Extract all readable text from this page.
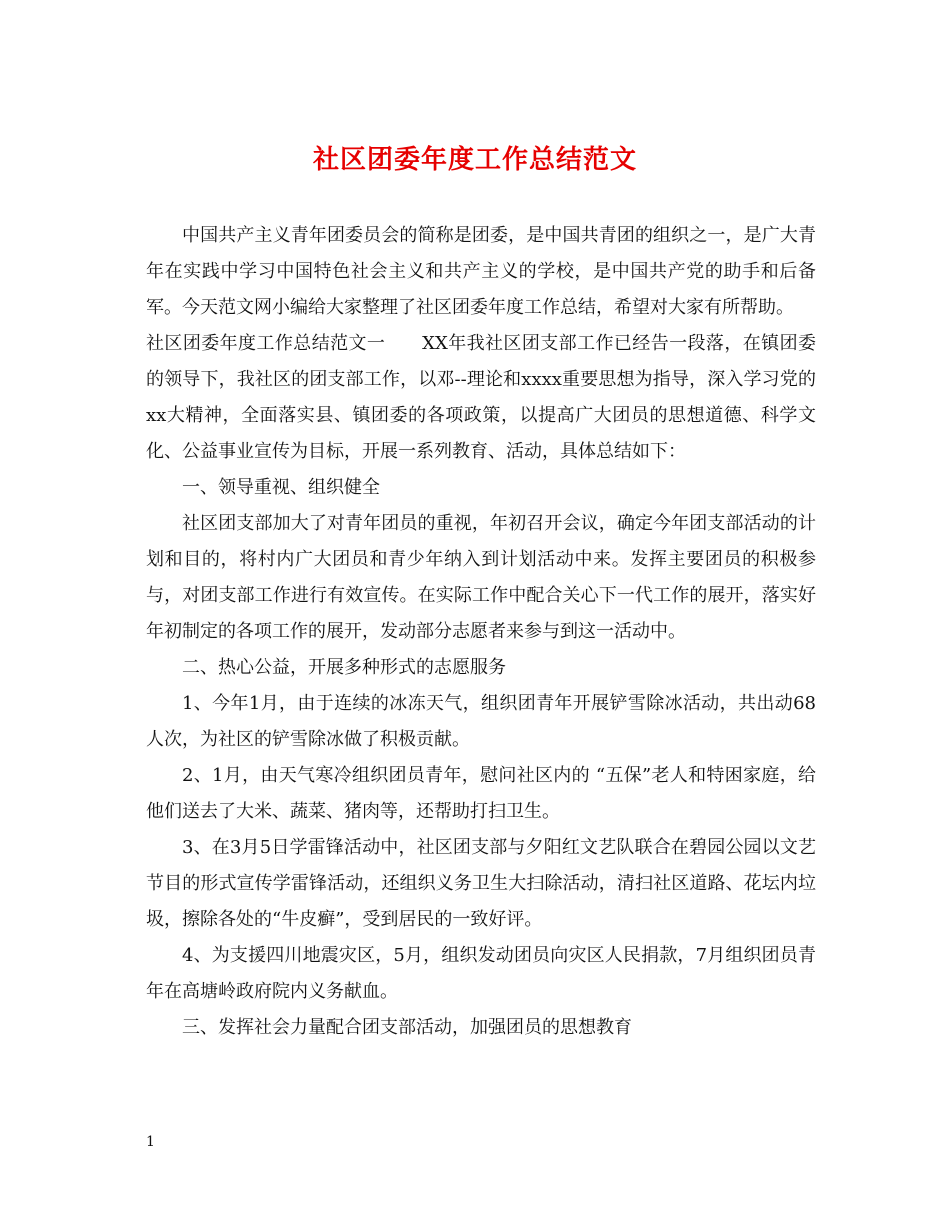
社区团委年度工作总结范文

中国共产主义青年团委员会的简称是团委，是中国共青团的组织之一，是广大青年在实践中学习中国特色社会主义和共产主义的学校，是中国共产党的助手和后备军。今天范文网小编给大家整理了社区团委年度工作总结，希望对大家有所帮助。

社区团委年度工作总结范文一　　XX年我社区团支部工作已经告一段落，在镇团委的领导下，我社区的团支部工作，以邓--理论和xxxx重要思想为指导，深入学习党的xx大精神，全面落实县、镇团委的各项政策，以提高广大团员的思想道德、科学文化、公益事业宣传为目标，开展一系列教育、活动，具体总结如下：

一、领导重视、组织健全

社区团支部加大了对青年团员的重视，年初召开会议，确定今年团支部活动的计划和目的，将村内广大团员和青少年纳入到计划活动中来。发挥主要团员的积极参与，对团支部工作进行有效宣传。在实际工作中配合关心下一代工作的展开，落实好年初制定的各项工作的展开，发动部分志愿者来参与到这一活动中。

二、热心公益，开展多种形式的志愿服务

1、今年1月，由于连续的冰冻天气，组织团青年开展铲雪除冰活动，共出动68人次，为社区的铲雪除冰做了积极贡献。

2、1月，由天气寒冷组织团员青年，慰问社区内的 “五保”老人和特困家庭，给他们送去了大米、蔬菜、猪肉等，还帮助打扫卫生。

3、在3月5日学雷锋活动中，社区团支部与夕阳红文艺队联合在碧园公园以文艺节目的形式宣传学雷锋活动，还组织义务卫生大扫除活动，清扫社区道路、花坛内垃圾，擦除各处的“牛皮癣”，受到居民的一致好评。

4、为支援四川地震灾区，5月，组织发动团员向灾区人民捐款，7月组织团员青年在高塘岭政府院内义务献血。

三、发挥社会力量配合团支部活动，加强团员的思想教育

1
